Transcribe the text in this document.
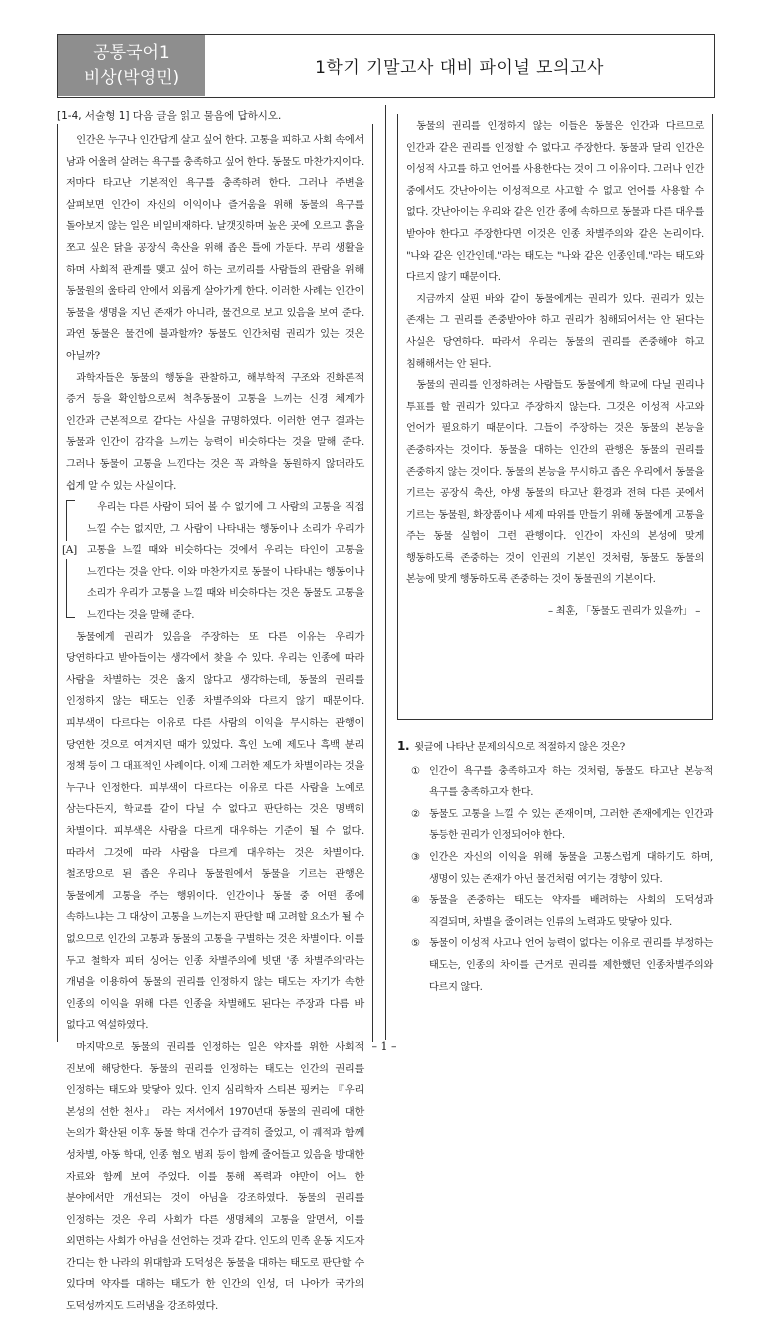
공통국어1
비상(박영민)	1학기 기말고사 대비 파이널 모의고사
[1-4, 서술형 1] 다음 글을 읽고 물음에 답하시오.

인간은 누구나 인간답게 살고 싶어 한다. 고통을 피하고 사회 속에서 남과 어울려 살려는 욕구를 충족하고 싶어 한다. 동물도 마찬가지이다. 저마다 타고난 기본적인 욕구를 충족하려 한다. 그러나 주변을 살펴보면 인간이 자신의 이익이나 즐거움을 위해 동물의 욕구를 돌아보지 않는 일은 비일비재하다. 날갯짓하며 높은 곳에 오르고 흙을 쪼고 싶은 닭을 공장식 축산을 위해 좁은 틀에 가둔다. 무리 생활을 하며 사회적 관계를 맺고 싶어 하는 코끼리를 사람들의 관람을 위해 동물원의 울타리 안에서 외롭게 살아가게 한다. 이러한 사례는 인간이 동물을 생명을 지닌 존재가 아니라, 물건으로 보고 있음을 보여 준다. 과연 동물은 물건에 불과할까? 동물도 인간처럼 권리가 있는 것은 아닐까?

과학자들은 동물의 행동을 관찰하고, 해부학적 구조와 진화론적 증거 등을 확인함으로써 척추동물이 고통을 느끼는 신경 체계가 인간과 근본적으로 같다는 사실을 규명하였다. 이러한 연구 결과는 동물과 인간이 감각을 느끼는 능력이 비슷하다는 것을 말해 준다. 그러나 동물이 고통을 느낀다는 것은 꼭 과학을 동원하지 않더라도 쉽게 알 수 있는 사실이다.

[A]

우리는 다른 사람이 되어 볼 수 없기에 그 사람의 고통을 직접 느낄 수는 없지만, 그 사람이 나타내는 행동이나 소리가 우리가 고통을 느낄 때와 비슷하다는 것에서 우리는 타인이 고통을 느낀다는 것을 안다. 이와 마찬가지로 동물이 나타내는 행동이나 소리가 우리가 고통을 느낄 때와 비슷하다는 것은 동물도 고통을 느낀다는 것을 말해 준다.

동물에게 권리가 있음을 주장하는 또 다른 이유는 우리가 당연하다고 받아들이는 생각에서 찾을 수 있다. 우리는 인종에 따라 사람을 차별하는 것은 옳지 않다고 생각하는데, 동물의 권리를 인정하지 않는 태도는 인종 차별주의와 다르지 않기 때문이다. 피부색이 다르다는 이유로 다른 사람의 이익을 무시하는 관행이 당연한 것으로 여겨지던 때가 있었다. 흑인 노예 제도나 흑백 분리 정책 등이 그 대표적인 사례이다. 이제 그러한 제도가 차별이라는 것을 누구나 인정한다. 피부색이 다르다는 이유로 다른 사람을 노예로 삼는다든지, 학교를 같이 다닐 수 없다고 판단하는 것은 명백히 차별이다. 피부색은 사람을 다르게 대우하는 기준이 될 수 없다. 따라서 그것에 따라 사람을 다르게 대우하는 것은 차별이다. 철조망으로 된 좁은 우리나 동물원에서 동물을 기르는 관행은 동물에게 고통을 주는 행위이다. 인간이나 동물 중 어떤 종에 속하느냐는 그 대상이 고통을 느끼는지 판단할 때 고려할 요소가 될 수 없으므로 인간의 고통과 동물의 고통을 구별하는 것은 차별이다. 이를 두고 철학자 피터 싱어는 인종 차별주의에 빗댄 '종 차별주의'라는 개념을 이용하여 동물의 권리를 인정하지 않는 태도는 자기가 속한 인종의 이익을 위해 다른 인종을 차별해도 된다는 주장과 다름 바 없다고 역설하였다.

마지막으로 동물의 권리를 인정하는 일은 약자를 위한 사회적 진보에 해당한다. 동물의 권리를 인정하는 태도는 인간의 권리를 인정하는 태도와 맞닿아 있다. 인지 심리학자 스티븐 핑커는 『우리 본성의 선한 천사』 라는 저서에서 1970년대 동물의 권리에 대한 논의가 확산된 이후 동물 학대 건수가 급격히 줄었고, 이 궤적과 함께 성차별, 아동 학대, 인종 혐오 범죄 등이 함께 줄어들고 있음을 방대한 자료와 함께 보여 주었다. 이를 통해 폭력과 야만이 어느 한 분야에서만 개선되는 것이 아님을 강조하였다. 동물의 권리를 인정하는 것은 우리 사회가 다른 생명체의 고통을 알면서, 이를 외면하는 사회가 아님을 선언하는 것과 같다. 인도의 민족 운동 지도자 간디는 한 나라의 위대함과 도덕성은 동물을 대하는 태도로 판단할 수 있다며 약자를 대하는 태도가 한 인간의 인성, 더 나아가 국가의 도덕성까지도 드러냄을 강조하였다.

동물의 권리를 인정하지 않는 이들은 동물은 인간과 다르므로 인간과 같은 권리를 인정할 수 없다고 주장한다. 동물과 달리 인간은 이성적 사고를 하고 언어를 사용한다는 것이 그 이유이다. 그러나 인간 중에서도 갓난아이는 이성적으로 사고할 수 없고 언어를 사용할 수 없다. 갓난아이는 우리와 같은 인간 종에 속하므로 동물과 다른 대우를 받아야 한다고 주장한다면 이것은 인종 차별주의와 같은 논리이다. "나와 같은 인간인데."라는 태도는 "나와 같은 인종인데."라는 태도와 다르지 않기 때문이다.

지금까지 살핀 바와 같이 동물에게는 권리가 있다. 권리가 있는 존재는 그 권리를 존중받아야 하고 권리가 침해되어서는 안 된다는 사실은 당연하다. 따라서 우리는 동물의 권리를 존중해야 하고 침해해서는 안 된다.

동물의 권리를 인정하려는 사람들도 동물에게 학교에 다닐 권리나 투표를 할 권리가 있다고 주장하지 않는다. 그것은 이성적 사고와 언어가 필요하기 때문이다. 그들이 주장하는 것은 동물의 본능을 존중하자는 것이다. 동물을 대하는 인간의 관행은 동물의 권리를 존중하지 않는 것이다. 동물의 본능을 무시하고 좁은 우리에서 동물을 기르는 공장식 축산, 야생 동물의 타고난 환경과 전혀 다른 곳에서 기르는 동물원, 화장품이나 세제 따위를 만들기 위해 동물에게 고통을 주는 동물 실험이 그런 관행이다. 인간이 자신의 본성에 맞게 행동하도록 존중하는 것이 인권의 기본인 것처럼, 동물도 동물의 본능에 맞게 행동하도록 존중하는 것이 동물권의 기본이다.

– 최훈, 「동물도 권리가 있을까」 –

1. 윗글에 나타난 문제의식으로 적절하지 않은 것은?

① 인간이 욕구를 충족하고자 하는 것처럼, 동물도 타고난 본능적 욕구를 충족하고자 한다.
② 동물도 고통을 느낄 수 있는 존재이며, 그러한 존재에게는 인간과 동등한 권리가 인정되어야 한다.
③ 인간은 자신의 이익을 위해 동물을 고통스럽게 대하기도 하며, 생명이 있는 존재가 아닌 물건처럼 여기는 경향이 있다.
④ 동물을 존중하는 태도는 약자를 배려하는 사회의 도덕성과 직결되며, 차별을 줄이려는 인류의 노력과도 맞닿아 있다.
⑤ 동물이 이성적 사고나 언어 능력이 없다는 이유로 권리를 부정하는 태도는, 인종의 차이를 근거로 권리를 제한했던 인종차별주의와 다르지 않다.
– 1 –
